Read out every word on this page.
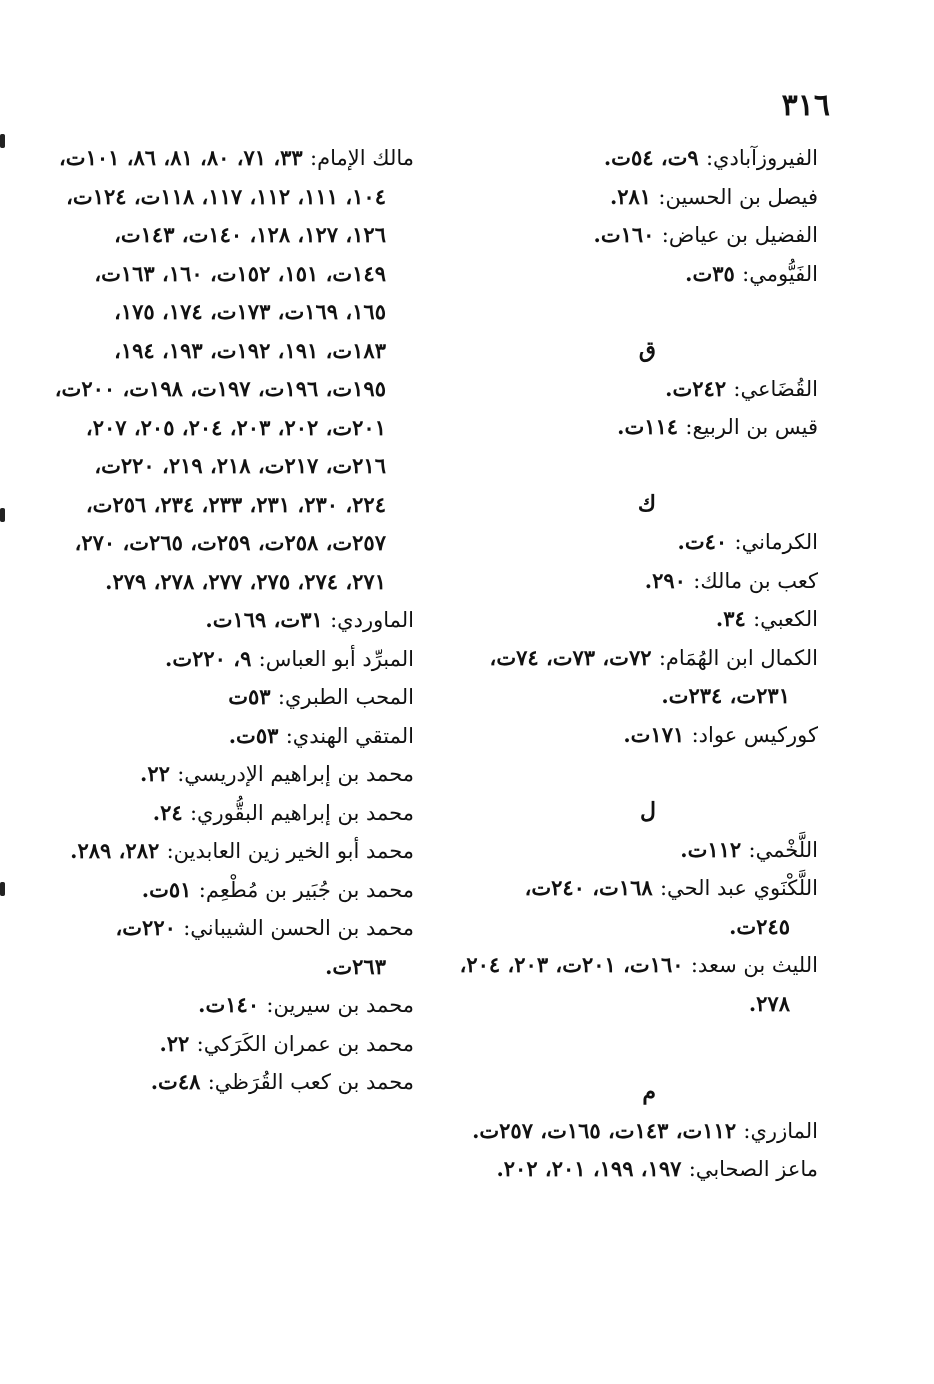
٣١٦

الفيروزآبادي: ٩ت، ٥٤ت.

فيصل بن الحسين: ٢٨١.

الفضيل بن عياض: ١٦٠ت.

الفَيُّومي: ٣٥ت.

ق

القُضَاعي: ٢٤٢ت.

قيس بن الربيع: ١١٤ت.

ك

الكرماني: ٤٠ت.

كعب بن مالك: ٢٩٠.

الكعبي: ٣٤.

الكمال ابن الهُمَام: ٧٢ت، ٧٣ت، ٧٤ت، ٢٣١ت، ٢٣٤ت.

كوركيس عواد: ١٧١ت.

ل

اللَّخْمي: ١١٢ت.

اللَّكْنَوي عبد الحي: ١٦٨ت، ٢٤٠ت، ٢٤٥ت.

الليث بن سعد: ١٦٠ت، ٢٠١ت، ٢٠٣، ٢٠٤، ٢٧٨.

م

المازري: ١١٢ت، ١٤٣ت، ١٦٥ت، ٢٥٧ت.

ماعز الصحابي: ١٩٧، ١٩٩، ٢٠١، ٢٠٢.

مالك الإمام: ٣٣، ٧١، ٨٠، ٨١، ٨٦، ١٠١ت، ١٠٤، ١١١، ١١٢، ١١٧، ١١٨ت، ١٢٤ت، ١٢٦، ١٢٧، ١٢٨، ١٤٠ت، ١٤٣ت، ١٤٩ت، ١٥١، ١٥٢ت، ١٦٠، ١٦٣ت، ١٦٥، ١٦٩ت، ١٧٣ت، ١٧٤، ١٧٥، ١٨٣ت، ١٩١، ١٩٢ت، ١٩٣، ١٩٤، ١٩٥ت، ١٩٦ت، ١٩٧ت، ١٩٨ت، ٢٠٠ت، ٢٠١ت، ٢٠٢، ٢٠٣، ٢٠٤، ٢٠٥، ٢٠٧، ٢١٦ت، ٢١٧ت، ٢١٨، ٢١٩، ٢٢٠ت، ٢٢٤، ٢٣٠، ٢٣١، ٢٣٣، ٢٣٤، ٢٥٦ت، ٢٥٧ت، ٢٥٨ت، ٢٥٩ت، ٢٦٥ت، ٢٧٠، ٢٧١، ٢٧٤، ٢٧٥، ٢٧٧، ٢٧٨، ٢٧٩.

الماوردي: ٣١ت، ١٦٩ت.

المبرِّد أبو العباس: ٩، ٢٢٠ت.

المحب الطبري: ٥٣ت

المتقي الهندي: ٥٣ت.

محمد بن إبراهيم الإدريسي: ٢٢.

محمد بن إبراهيم البقُّوري: ٢٤.

محمد أبو الخير زين العابدين: ٢٨٢، ٢٨٩.

محمد بن جُبَير بن مُطْعِم: ٥١ت.

محمد بن الحسن الشيباني: ٢٢٠ت، ٢٦٣ت.

محمد بن سيرين: ١٤٠ت.

محمد بن عمران الكَرَكي: ٢٢.

محمد بن كعب القُرَظي: ٤٨ت.
